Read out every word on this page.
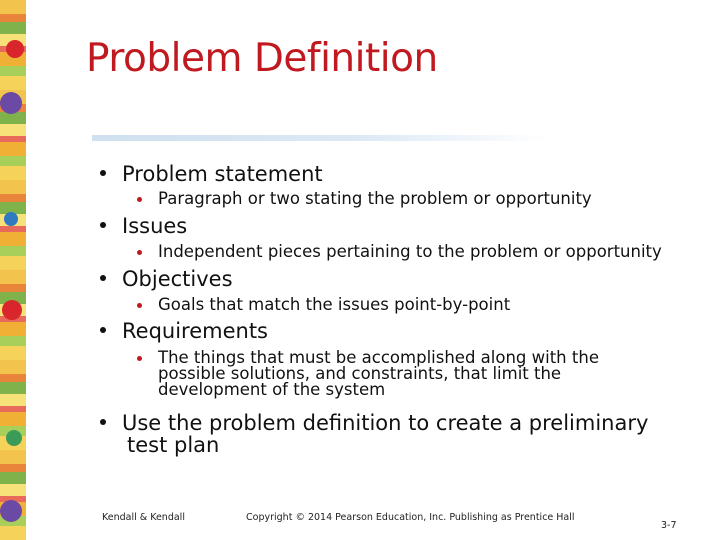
Problem Definition
Problem statement
Paragraph or two stating the problem or opportunity
Issues
Independent pieces pertaining to the problem or opportunity
Objectives
Goals that match the issues point-by-point
Requirements
The things that must be accomplished along with the
possible solutions, and constraints, that limit the
development of the system
Use the problem definition to create a preliminary
test plan
Kendall & Kendall	Copyright © 2014 Pearson Education, Inc. Publishing as Prentice Hall
3-7
